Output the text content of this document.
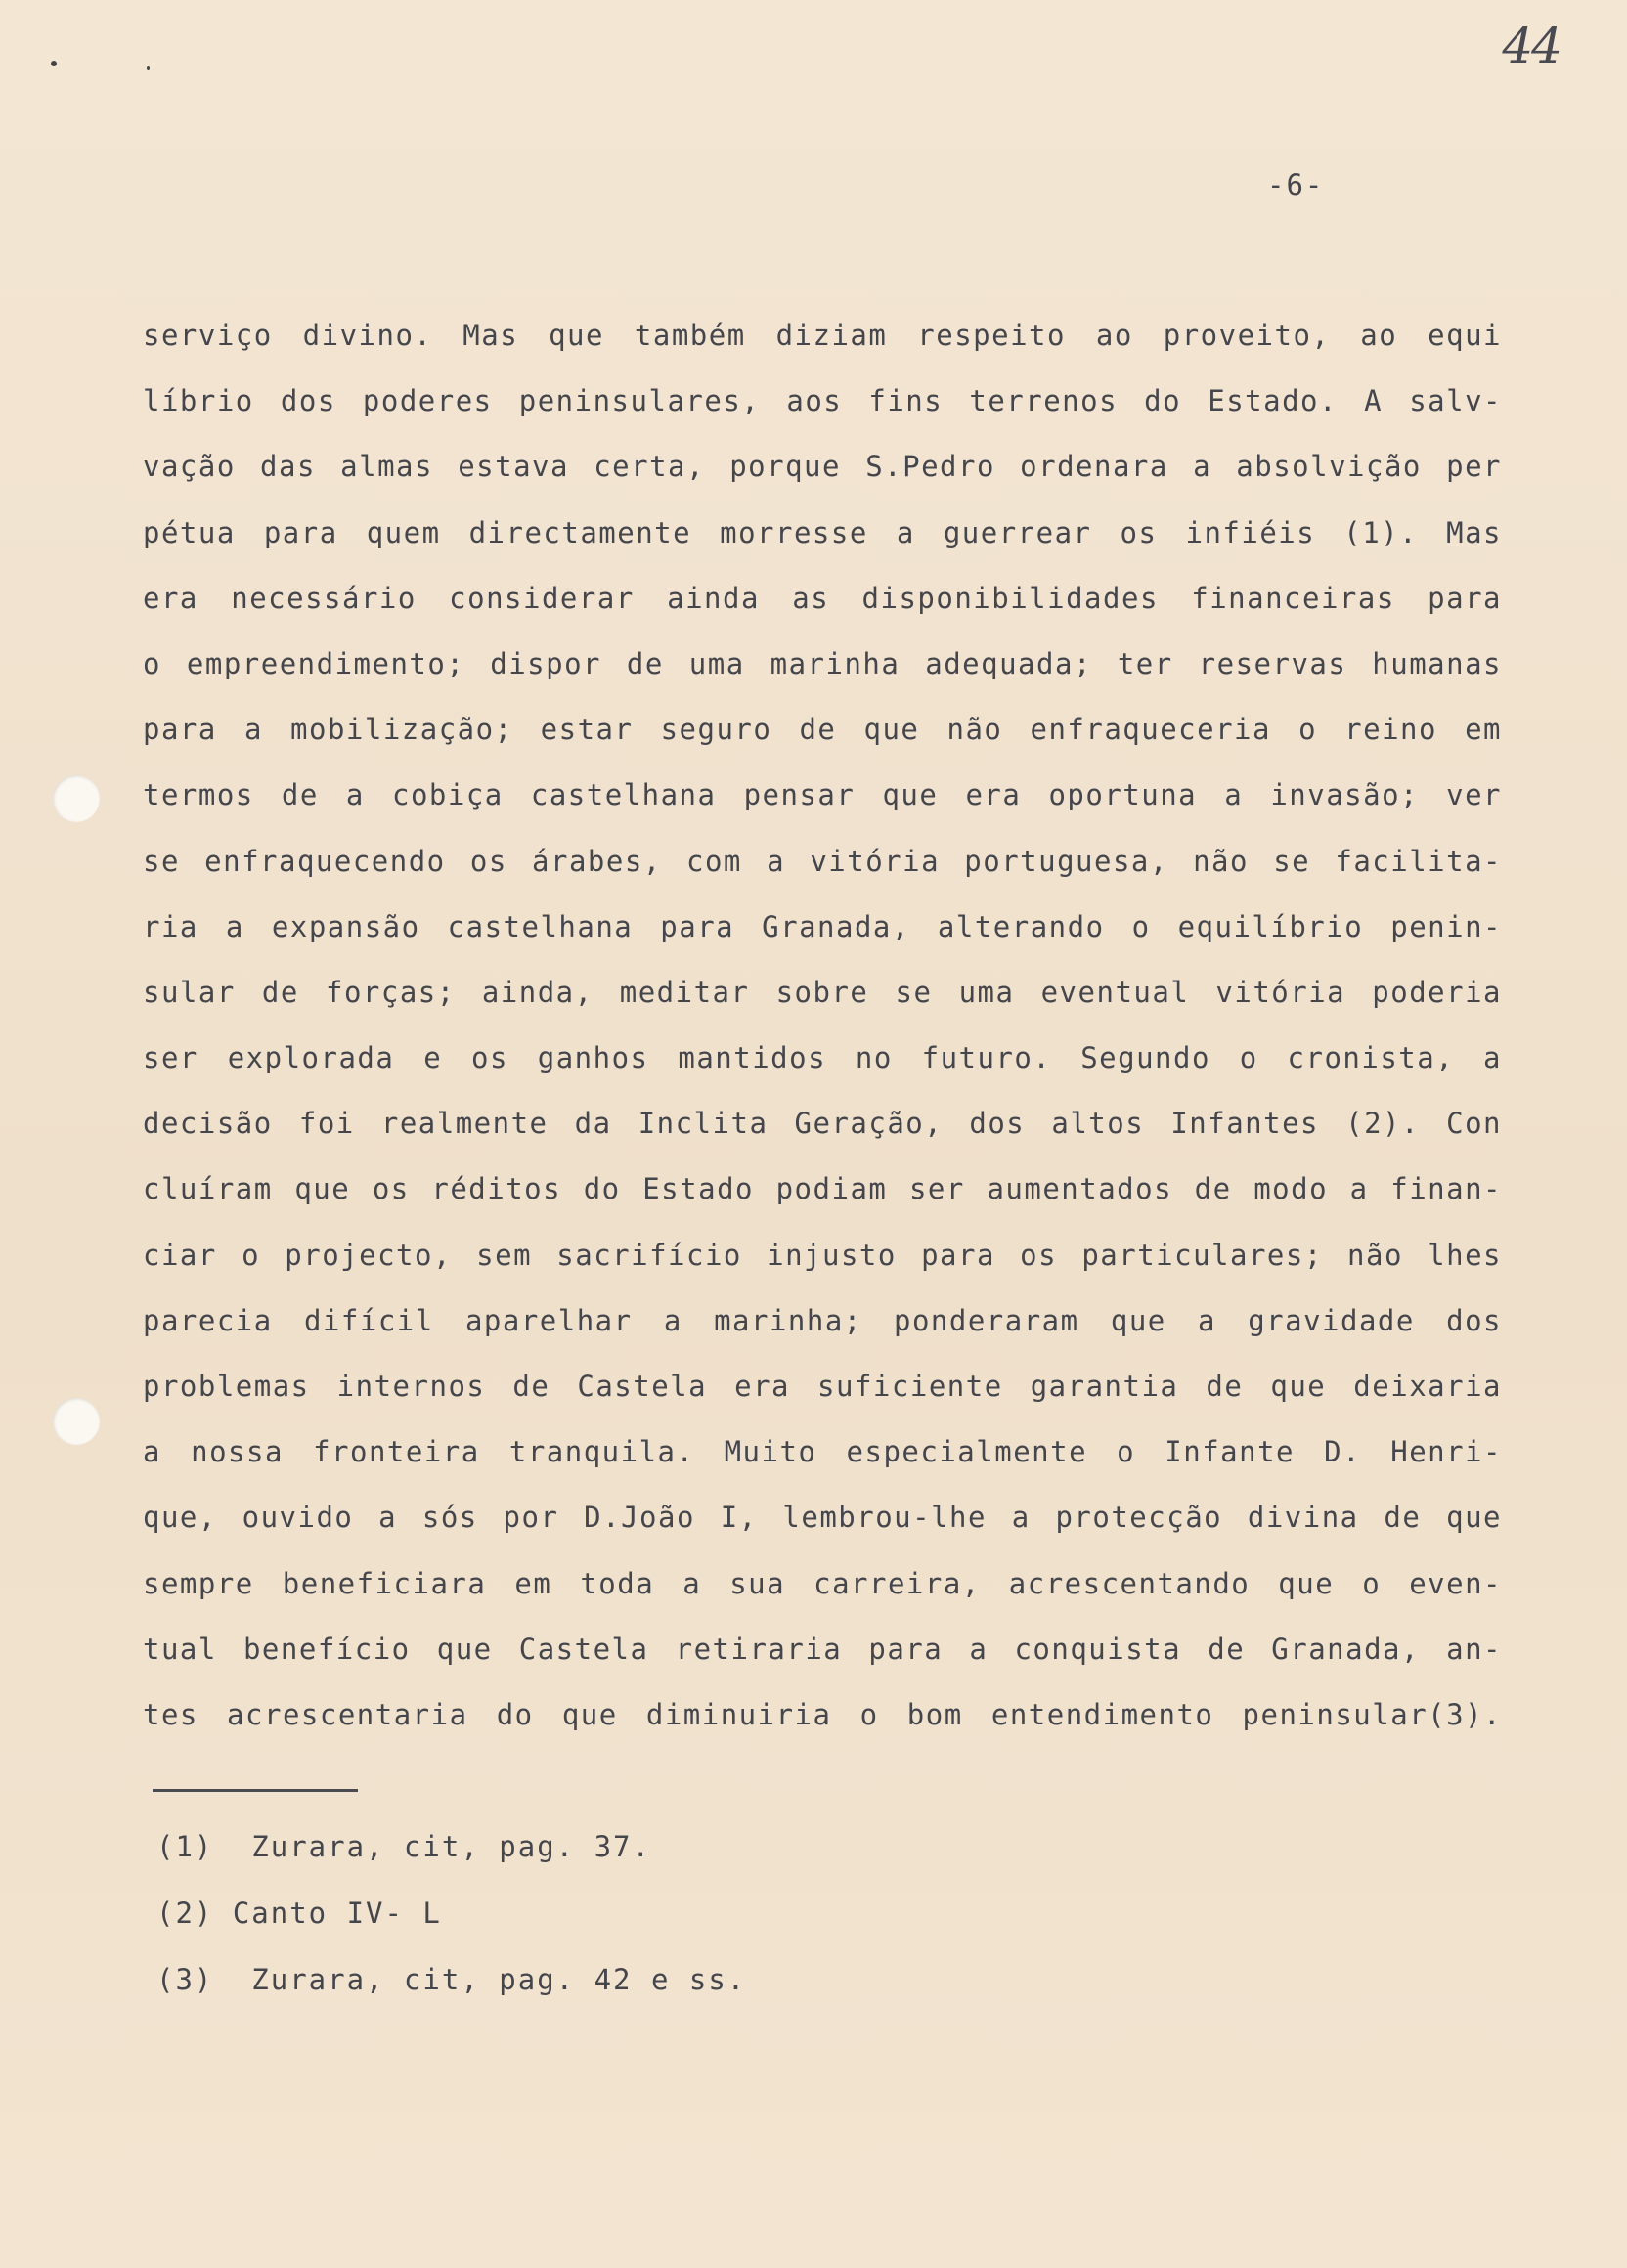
44
-6-
serviço divino. Mas que também diziam respeito ao proveito, ao equi
líbrio dos poderes peninsulares, aos fins terrenos do Estado. A salv-
vação das almas estava certa, porque S.Pedro ordenara a absolvição per
pétua para quem directamente morresse a guerrear os infiéis (1). Mas
era necessário considerar ainda as disponibilidades financeiras para
o empreendimento; dispor de uma marinha adequada; ter reservas humanas
para a mobilização; estar seguro de que não enfraqueceria o reino em
termos de a cobiça castelhana pensar que era oportuna a invasão; ver
se enfraquecendo os árabes, com a vitória portuguesa, não se facilita-
ria a expansão castelhana para Granada, alterando o equilíbrio penin-
sular de forças; ainda, meditar sobre se uma eventual vitória poderia
ser explorada e os ganhos mantidos no futuro. Segundo o cronista, a
decisão foi realmente da Inclita Geração, dos altos Infantes (2). Con
cluíram que os réditos do Estado podiam ser aumentados de modo a finan-
ciar o projecto, sem sacrifício injusto para os particulares; não lhes
parecia difícil aparelhar a marinha; ponderaram que a gravidade dos
problemas internos de Castela era suficiente garantia de que deixaria
a nossa fronteira tranquila. Muito especialmente o Infante D. Henri-
que, ouvido a sós por D.João I, lembrou-lhe a protecção divina de que
sempre beneficiara em toda a sua carreira, acrescentando que o even-
tual benefício que Castela retiraria para a conquista de Granada, an-
tes acrescentaria do que diminuiria o bom entendimento peninsular(3).
(1)  Zurara, cit, pag. 37.
(2) Canto IV- L
(3)  Zurara, cit, pag. 42 e ss.
